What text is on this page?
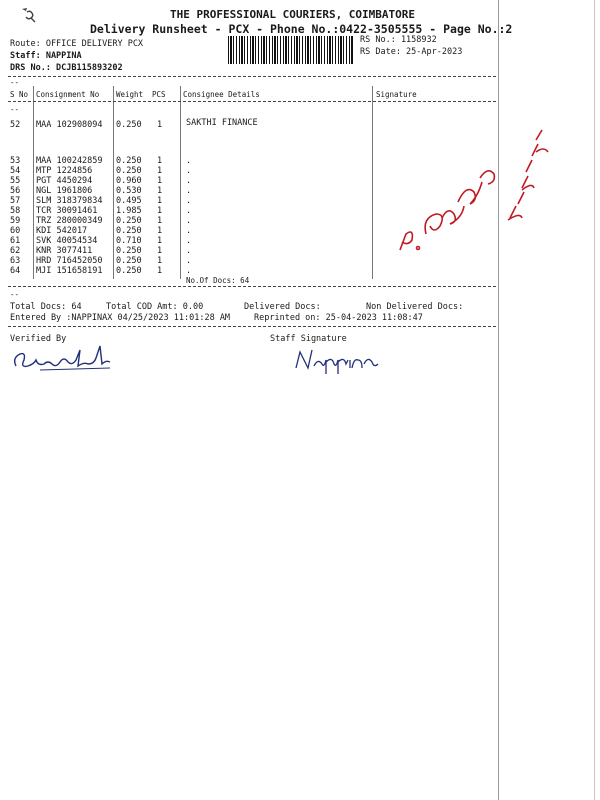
THE PROFESSIONAL COURIERS, COIMBATORE
Delivery Runsheet - PCX - Phone No.:0422-3505555 - Page No.:2
Route: OFFICE DELIVERY PCX
Staff: NAPPINA
DRS No.: DCJB115893202
RS No.: 1158932
RS Date: 25-Apr-2023
--
S No Consignment No Weight PCS Consignee Details	Signature
--
52 MAA 102908094 0.250 1	SAKTHI FINANCE
53 MAA 100242859 0.250 1	.
54 MTP 1224856	0.250 1	.
55 PGT 4450294	0.960 1	.
56 NGL 1961806	0.530 1	.
57 SLM 318379834 0.495 1	.
58 TCR 30091461 1.985 1	.
59 TRZ 280000349 0.250 1	.
60 KDI 542017	0.250 1	.
61 SVK 40054534 0.710 1	.
62 KNR 3077411	0.250 1	.
63 HRD 716452050 0.250 1	.
64 MJI 151658191 0.250 1	.
No.Of Docs: 64
--
Total Docs: 64	Total COD Amt: 0.00	Delivered Docs:	Non Delivered Docs:
Entered By :NAPPINAX 04/25/2023 11:01:28 AM	Reprinted on: 25-04-2023 11:08:47
Verified By	Staff Signature
